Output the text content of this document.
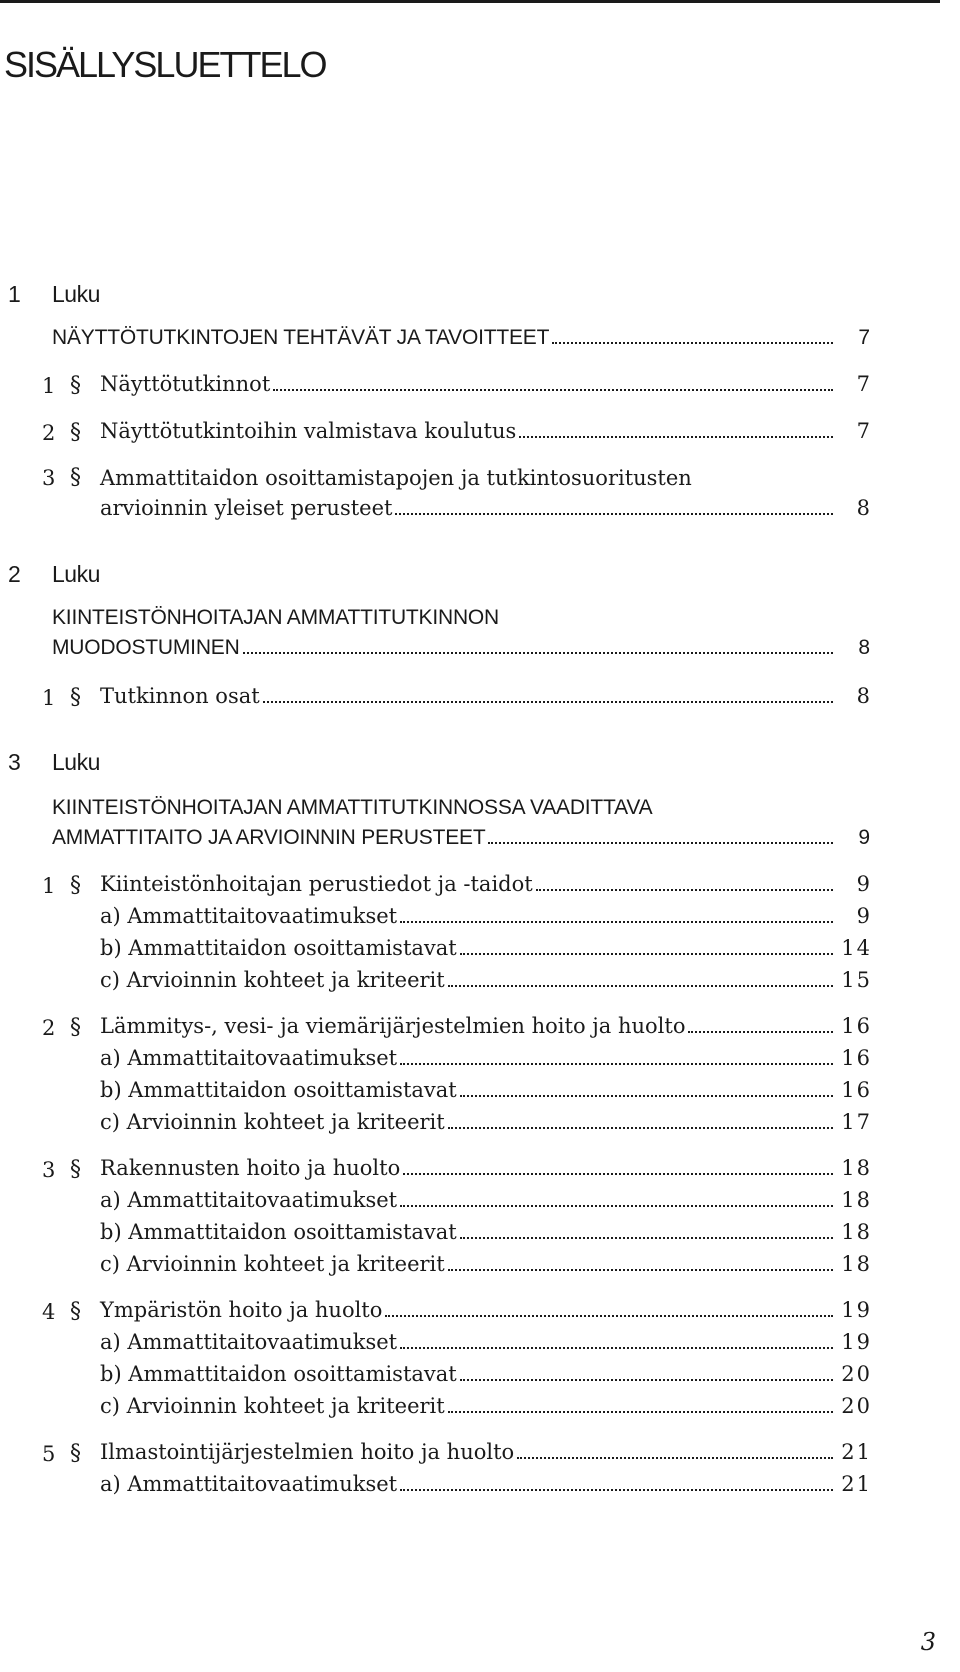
SISÄLLYSLUETTELO
1 Luku
NÄYTTÖTUTKINTOJEN TEHTÄVÄT JA TAVOITTEET	7
1 § Näyttötutkinnot	7
2 § Näyttötutkintoihin valmistava koulutus	7
3 § Ammattitaidon osoittamistapojen ja tutkintosuoritusten
arvioinnin yleiset perusteet	8
2 Luku
KIINTEISTÖNHOITAJAN AMMATTITUTKINNON
MUODOSTUMINEN	8
1 § Tutkinnon osat	8
3 Luku
KIINTEISTÖNHOITAJAN AMMATTITUTKINNOSSA VAADITTAVA
AMMATTITAITO JA ARVIOINNIN PERUSTEET	9
1 § Kiinteistönhoitajan perustiedot ja -taidot	9
a) Ammattitaitovaatimukset	9
b) Ammattitaidon osoittamistavat	14
c) Arvioinnin kohteet ja kriteerit	15
2 § Lämmitys-, vesi- ja viemärijärjestelmien hoito ja huolto	16
a) Ammattitaitovaatimukset	16
b) Ammattitaidon osoittamistavat	16
c) Arvioinnin kohteet ja kriteerit	17
3 § Rakennusten hoito ja huolto	18
a) Ammattitaitovaatimukset	18
b) Ammattitaidon osoittamistavat	18
c) Arvioinnin kohteet ja kriteerit	18
4 § Ympäristön hoito ja huolto	19
a) Ammattitaitovaatimukset	19
b) Ammattitaidon osoittamistavat	20
c) Arvioinnin kohteet ja kriteerit	20
5 § Ilmastointijärjestelmien hoito ja huolto	21
a) Ammattitaitovaatimukset	21
3
